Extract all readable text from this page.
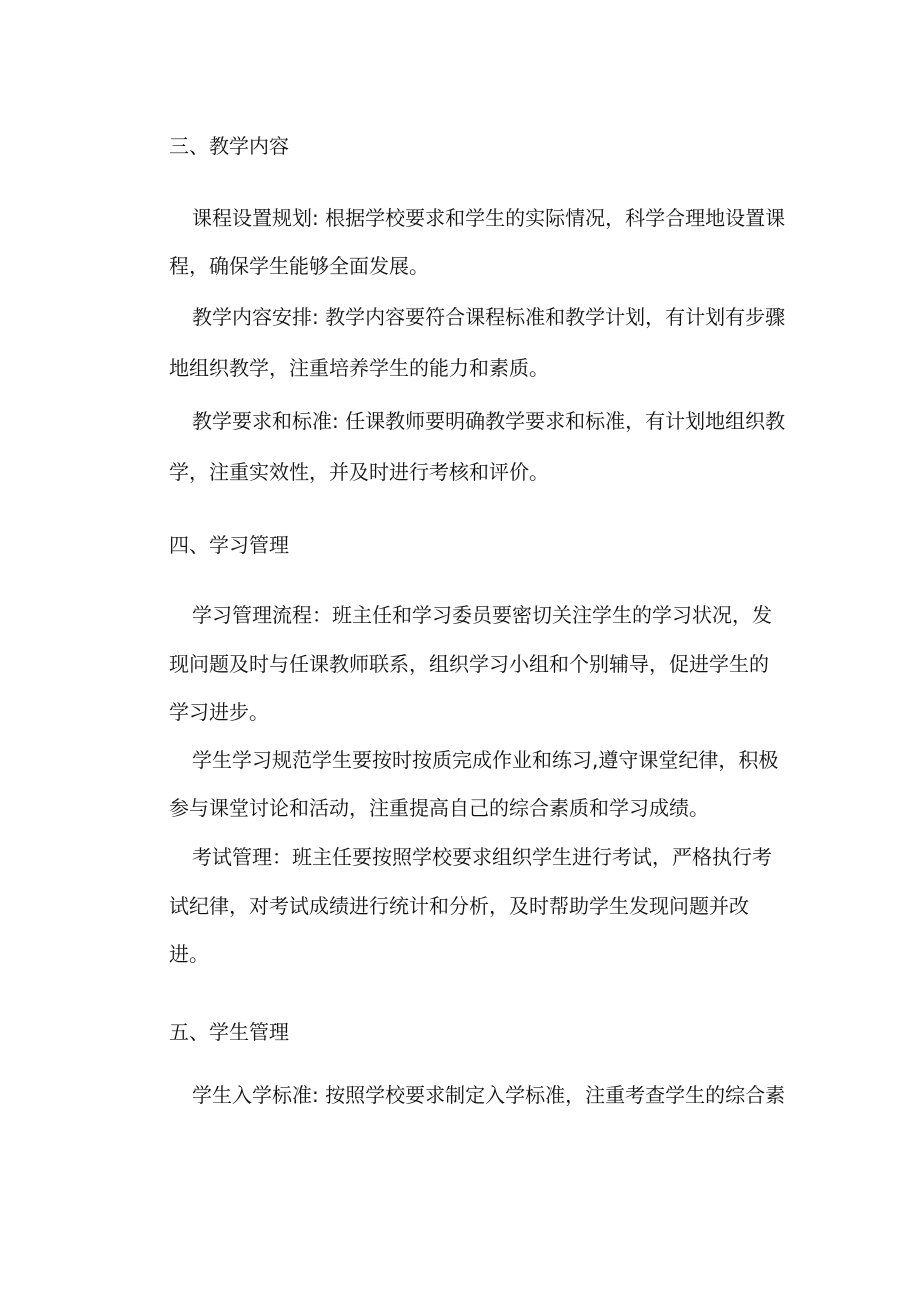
三、教学内容
课程设置规划: 根据学校要求和学生的实际情况，科学合理地设置课
程，确保学生能够全面发展。
教学内容安排: 教学内容要符合课程标准和教学计划，有计划有步骤
地组织教学，注重培养学生的能力和素质。
教学要求和标准: 任课教师要明确教学要求和标准，有计划地组织教
学，注重实效性，并及时进行考核和评价。
四、学习管理
学习管理流程：班主任和学习委员要密切关注学生的学习状况，发
现问题及时与任课教师联系，组织学习小组和个别辅导，促进学生的
学习进步。
学生学习规范学生要按时按质完成作业和练习,遵守课堂纪律，积极
参与课堂讨论和活动，注重提高自己的综合素质和学习成绩。
考试管理：班主任要按照学校要求组织学生进行考试，严格执行考
试纪律，对考试成绩进行统计和分析，及时帮助学生发现问题并改
进。
五、学生管理
学生入学标准: 按照学校要求制定入学标准，注重考查学生的综合素
